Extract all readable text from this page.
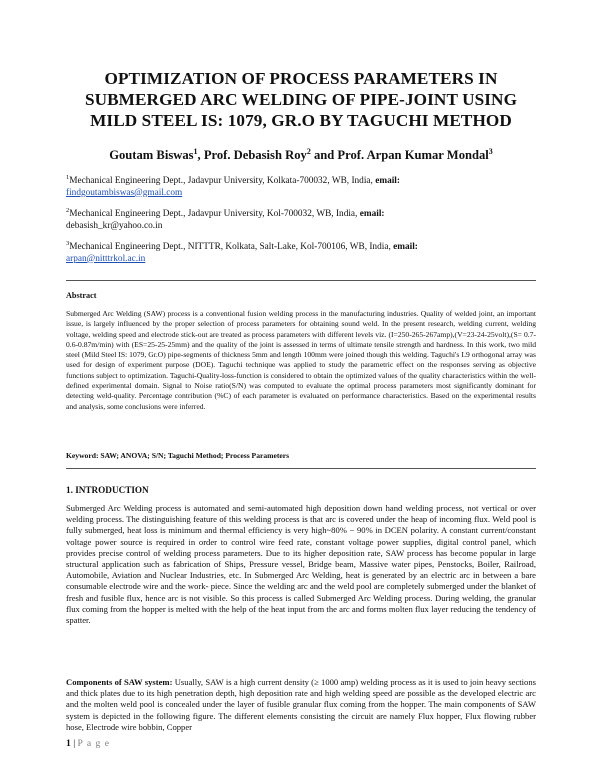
OPTIMIZATION OF PROCESS PARAMETERS IN SUBMERGED ARC WELDING OF PIPE-JOINT USING MILD STEEL IS: 1079, GR.O BY TAGUCHI METHOD
Goutam Biswas$^1$, Prof. Debasish Roy$^2$ and Prof. Arpan Kumar Mondal$^3$
$^1$Mechanical Engineering Dept., Jadavpur University, Kolkata-700032, WB, India, email:
findgoutambiswas@gmail.com
$^2$Mechanical Engineering Dept., Jadavpur University, Kol-700032, WB, India, email:
debasish_kr@yahoo.co.in
$^3$Mechanical Engineering Dept., NITTTR, Kolkata, Salt-Lake, Kol-700106, WB, India, email:
arpan@nitttrkol.ac.in
Abstract
Submerged Arc Welding (SAW) process is a conventional fusion welding process in the manufacturing industries. Quality of welded joint, an important issue, is largely influenced by the proper selection of process parameters for obtaining sound weld. In the present research, welding current, welding voltage, welding speed and electrode stick-out are treated as process parameters with different levels viz. (I=250-265-267amp),(V=23-24-25volt),(S= 0.7-0.6-0.87m/min) with (ES=25-25-25mm) and the quality of the joint is assessed in terms of ultimate tensile strength and hardness. In this work, two mild steel (Mild Steel IS: 1079, Gr.O) pipe-segments of thickness 5mm and length 100mm were joined though this welding. Taguchi's L9 orthogonal array was used for design of experiment purpose (DOE). Taguchi technique was applied to study the parametric effect on the responses serving as objective functions subject to optimization. Taguchi-Quality-loss-function is considered to obtain the optimized values of the quality characteristics within the well-defined experimental domain. Signal to Noise ratio(S/N) was computed to evaluate the optimal process parameters most significantly dominant for detecting weld-quality. Percentage contribution (%C) of each parameter is evaluated on performance characteristics. Based on the experimental results and analysis, some conclusions were inferred.
Keyword: SAW; ANOVA; S/N; Taguchi Method; Process Parameters
1. INTRODUCTION
Submerged Arc Welding process is automated and semi-automated high deposition down hand welding process, not vertical or over welding process. The distinguishing feature of this welding process is that arc is covered under the heap of incoming flux. Weld pool is fully submerged, heat loss is minimum and thermal efficiency is very high~80% − 90% in DCEN polarity. A constant current/constant voltage power source is required in order to control wire feed rate, constant voltage power supplies, digital control panel, which provides precise control of welding process parameters. Due to its higher deposition rate, SAW process has become popular in large structural application such as fabrication of Ships, Pressure vessel, Bridge beam, Massive water pipes, Penstocks, Boiler, Railroad, Automobile, Aviation and Nuclear Industries, etc. In Submerged Arc Welding, heat is generated by an electric arc in between a bare consumable electrode wire and the work- piece. Since the welding arc and the weld pool are completely submerged under the blanket of fresh and fusible flux, hence arc is not visible. So this process is called Submerged Arc Welding process. During welding, the granular flux coming from the hopper is melted with the help of the heat input from the arc and forms molten flux layer reducing the tendency of spatter.
Components of SAW system: Usually, SAW is a high current density (≥ 1000 amp) welding process as it is used to join heavy sections and thick plates due to its high penetration depth, high deposition rate and high welding speed are possible as the developed electric arc and the molten weld pool is concealed under the layer of fusible granular flux coming from the hopper. The main components of SAW system is depicted in the following figure. The different elements consisting the circuit are namely Flux hopper, Flux flowing rubber hose, Electrode wire bobbin, Copper
1 | P a g e
